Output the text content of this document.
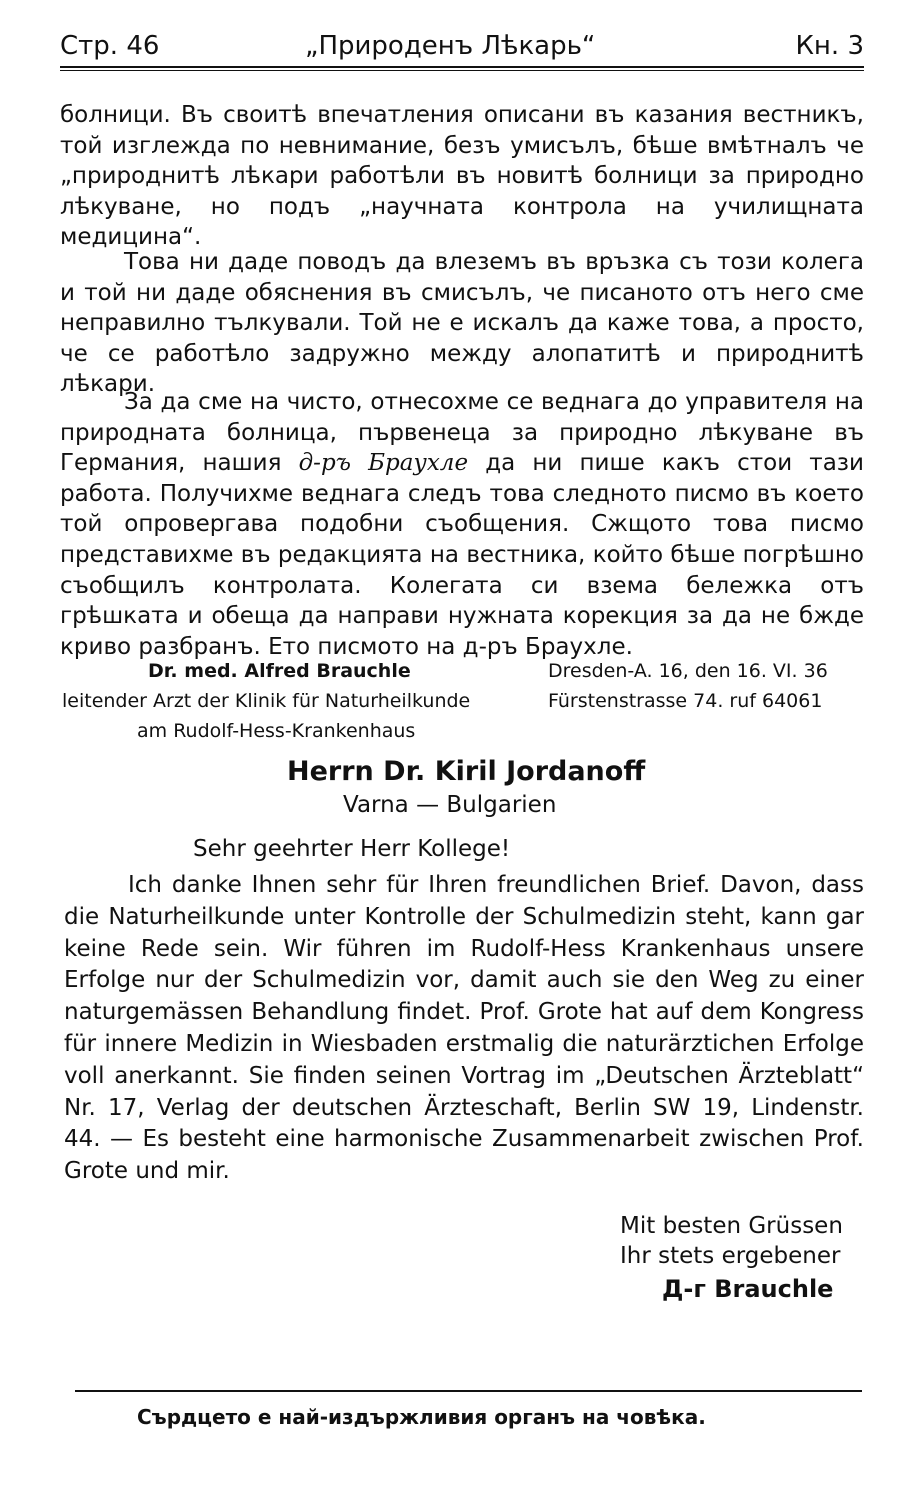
Стр. 46	„Природенъ Лѣкарь“	Кн. 3

болници. Въ своитѣ впечатления описани въ казания вестникъ, той изглежда по невнимание, безъ умисълъ, бѣше вмѣтналъ че „природнитѣ лѣкари работѣли въ новитѣ болници за природно лѣкуване, но подъ „научната контрола на училищната медицина“.

Това ни даде поводъ да влеземъ въ връзка съ този колега и той ни даде обяснения въ смисълъ, че писаното отъ него сме неправилно тълкували. Той не е искалъ да каже това, а просто, че се работѣло задружно между алопатитѣ и природнитѣ лѣкари.

За да сме на чисто, отнесохме се веднага до управителя на природната болница, първенеца за природно лѣкуване въ Германия, нашия д-ръ Браухле да ни пише какъ стои тази работа. Получихме веднага следъ това следното писмо въ което той опровергава подобни съобщения. Сжщото това писмо представихме въ редакцията на вестника, който бѣше погрѣшно съобщилъ контролата. Колегата си взема бележка отъ грѣшката и обеща да направи нужната корекция за да не бжде криво разбранъ. Ето писмото на д-ръ Браухле.

Dr. med. Alfred Brauchle
leitender Arzt der Klinik für Naturheilkunde
am Rudolf-Hess-Krankenhaus
Dresden-A. 16, den 16. VI. 36
Fürstenstrasse 74. ruf 64061
Herrn Dr. Kiril Jordanoff
Varna — Bulgarien
Sehr geehrter Herr Kollege!

Ich danke Ihnen sehr für Ihren freundlichen Brief. Davon, dass die Naturheilkunde unter Kontrolle der Schulmedizin steht, kann gar keine Rede sein. Wir führen im Rudolf-Hess Krankenhaus unsere Erfolge nur der Schulmedizin vor, damit auch sie den Weg zu einer naturgemässen Behandlung findet. Prof. Grote hat auf dem Kongress für innere Medizin in Wiesbaden erstmalig die naturärztichen Erfolge voll anerkannt. Sie finden seinen Vortrag im „Deutschen Ärzteblatt“ Nr. 17, Verlag der deutschen Ärzteschaft, Berlin SW 19, Lindenstr. 44. — Es besteht eine harmonische Zusammenarbeit zwischen Prof. Grote und mir.

Mit besten Grüssen
Ihr stets ergebener
Д-г Brauchle
Сърдцето е най-издържливия органъ на човѣка.
